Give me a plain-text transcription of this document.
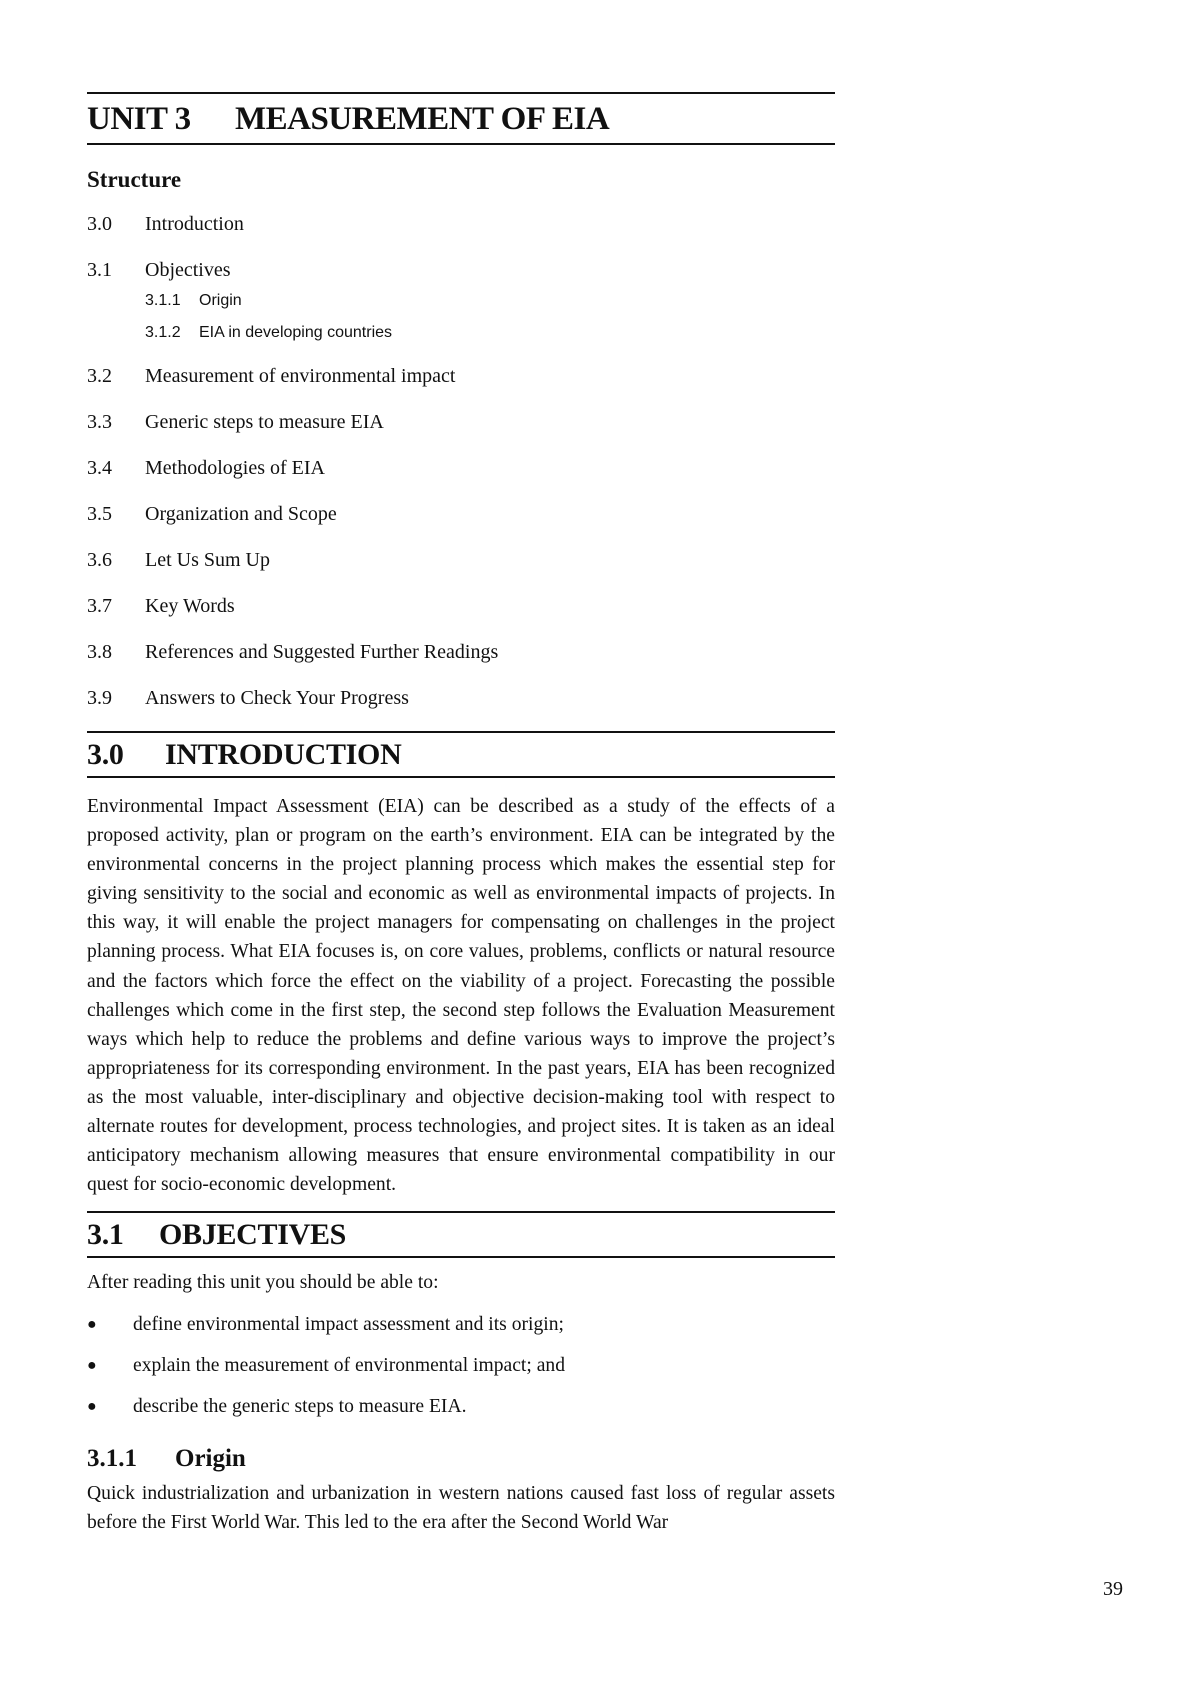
UNIT 3	MEASUREMENT OF EIA
Structure
3.0	Introduction
3.1	Objectives
3.1.1	Origin
3.1.2	EIA in developing countries
3.2	Measurement of environmental impact
3.3	Generic steps to measure EIA
3.4	Methodologies of EIA
3.5	Organization and Scope
3.6	Let Us Sum Up
3.7	Key Words
3.8	References and Suggested Further Readings
3.9	Answers to Check Your Progress
3.0	INTRODUCTION

Environmental Impact Assessment (EIA) can be described as a study of the effects of a proposed activity, plan or program on the earth’s environment. EIA can be integrated by the environmental concerns in the project planning process which makes the essential step for giving sensitivity to the social and economic as well as environmental impacts of projects. In this way, it will enable the project managers for compensating on challenges in the project planning process. What EIA focuses is, on core values, problems, conflicts or natural resource and the factors which force the effect on the viability of a project. Forecasting the possible challenges which come in the first step, the second step follows the Evaluation Measurement ways which help to reduce the problems and define various ways to improve the project’s appropriateness for its corresponding environment. In the past years, EIA has been recognized as the most valuable, inter-disciplinary and objective decision-making tool with respect to alternate routes for development, process technologies, and project sites. It is taken as an ideal anticipatory mechanism allowing measures that ensure environmental compatibility in our quest for socio-economic development.

3.1	OBJECTIVES
After reading this unit you should be able to:
●	define environmental impact assessment and its origin;
●	explain the measurement of environmental impact; and
●	describe the generic steps to measure EIA.
3.1.1	Origin

Quick industrialization and urbanization in western nations caused fast loss of regular assets before the First World War. This led to the era after the Second World War

39
